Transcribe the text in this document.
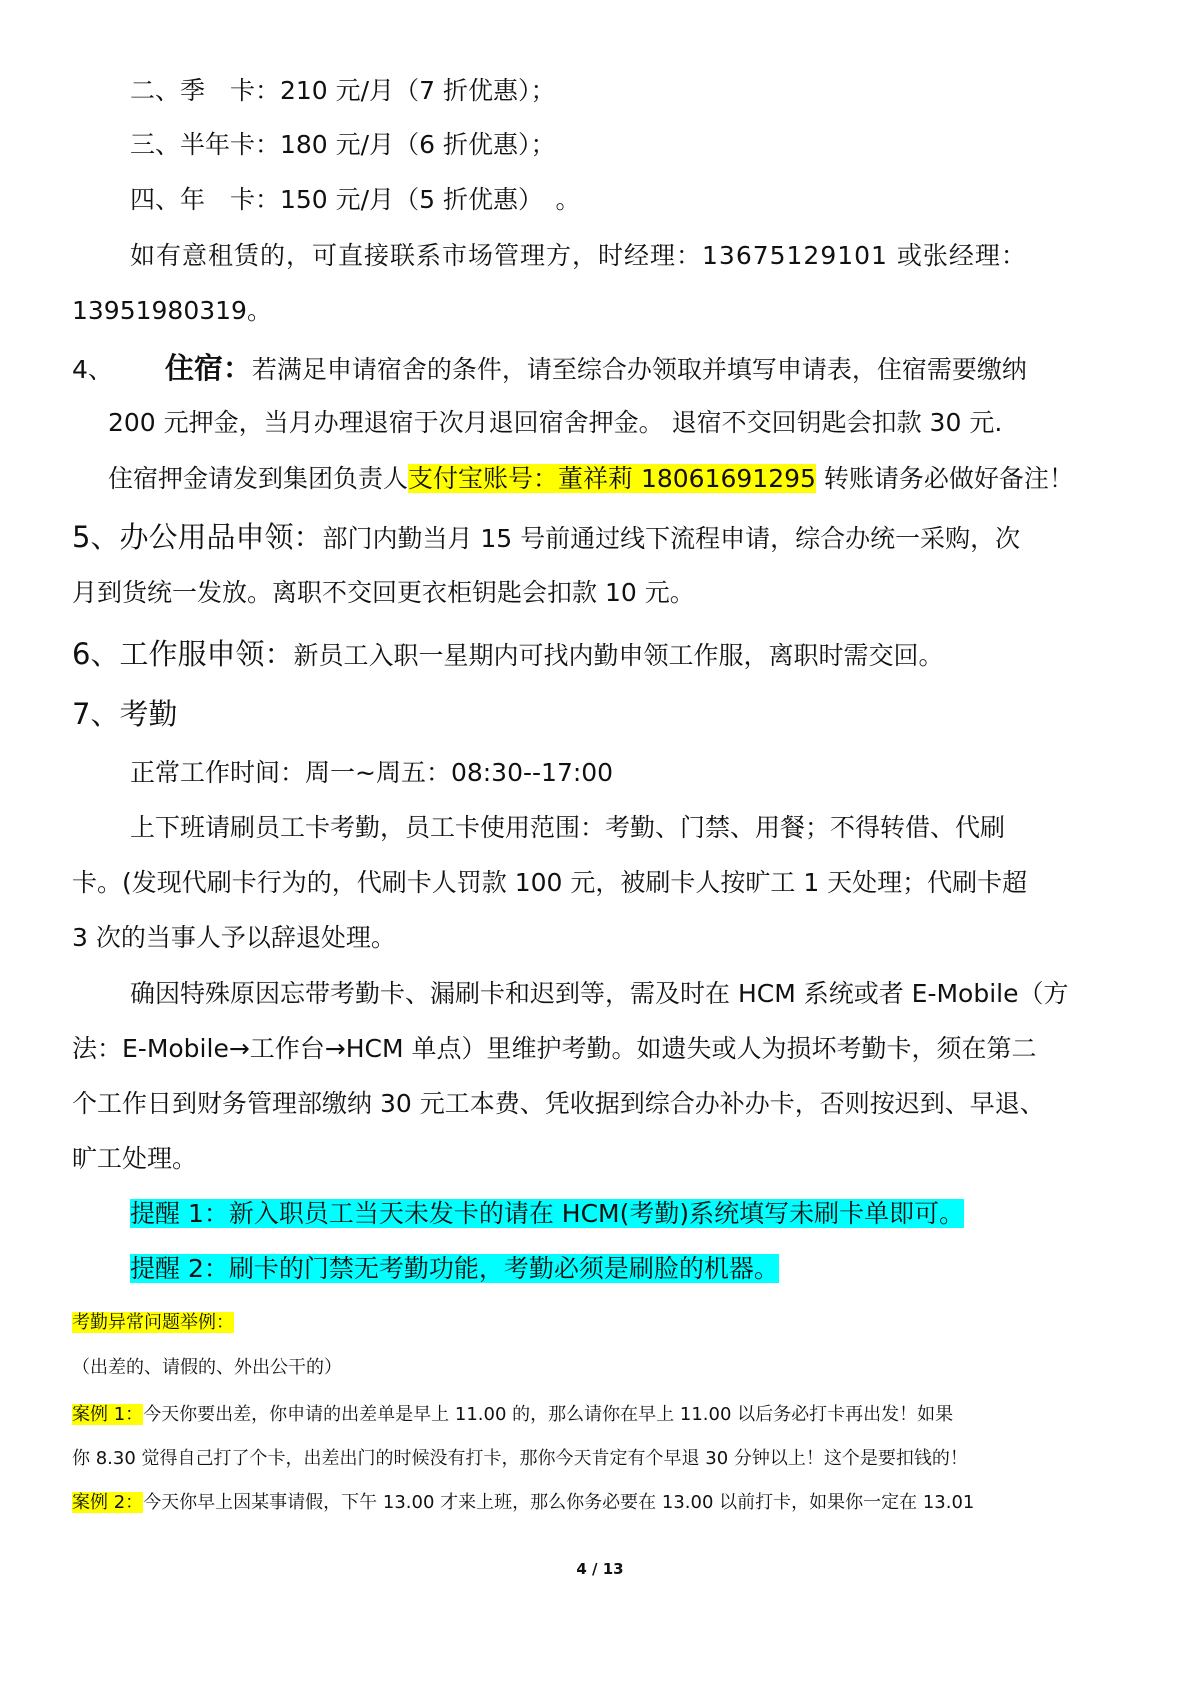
二、季　卡：210 元/月（7 折优惠）；
三、半年卡：180 元/月（6 折优惠）；
四、年　卡：150 元/月（5 折优惠）　。
如有意租赁的，可直接联系市场管理方，时经理：13675129101 或张经理：
13951980319。
4、 住宿：若满足申请宿舍的条件，请至综合办领取并填写申请表，住宿需要缴纳
200 元押金，当月办理退宿于次月退回宿舍押金。 退宿不交回钥匙会扣款 30 元.
住宿押金请发到集团负责人支付宝账号：董祥莉 18061691295 转账请务必做好备注！
5、办公用品申领：部门内勤当月 15 号前通过线下流程申请，综合办统一采购，次
月到货统一发放。离职不交回更衣柜钥匙会扣款 10 元。
6、工作服申领：新员工入职一星期内可找内勤申领工作服，离职时需交回。
7、考勤
正常工作时间：周一~周五：08:30--17:00
上下班请刷员工卡考勤，员工卡使用范围：考勤、门禁、用餐；不得转借、代刷
卡。(发现代刷卡行为的，代刷卡人罚款 100 元，被刷卡人按旷工 1 天处理；代刷卡超
3 次的当事人予以辞退处理。
确因特殊原因忘带考勤卡、漏刷卡和迟到等，需及时在 HCM 系统或者 E-Mobile（方
法：E-Mobile→工作台→HCM 单点）里维护考勤。如遗失或人为损坏考勤卡，须在第二
个工作日到财务管理部缴纳 30 元工本费、凭收据到综合办补办卡，否则按迟到、早退、
旷工处理。
提醒 1：新入职员工当天未发卡的请在 HCM(考勤)系统填写未刷卡单即可。
提醒 2：刷卡的门禁无考勤功能，考勤必须是刷脸的机器。
考勤异常问题举例：
（出差的、请假的、外出公干的）
案例 1：今天你要出差，你申请的出差单是早上 11.00 的，那么请你在早上 11.00 以后务必打卡再出发！如果
你 8.30 觉得自己打了个卡，出差出门的时候没有打卡，那你今天肯定有个早退 30 分钟以上！这个是要扣钱的！
案例 2：今天你早上因某事请假，下午 13.00 才来上班，那么你务必要在 13.00 以前打卡，如果你一定在 13.01
4 / 13
